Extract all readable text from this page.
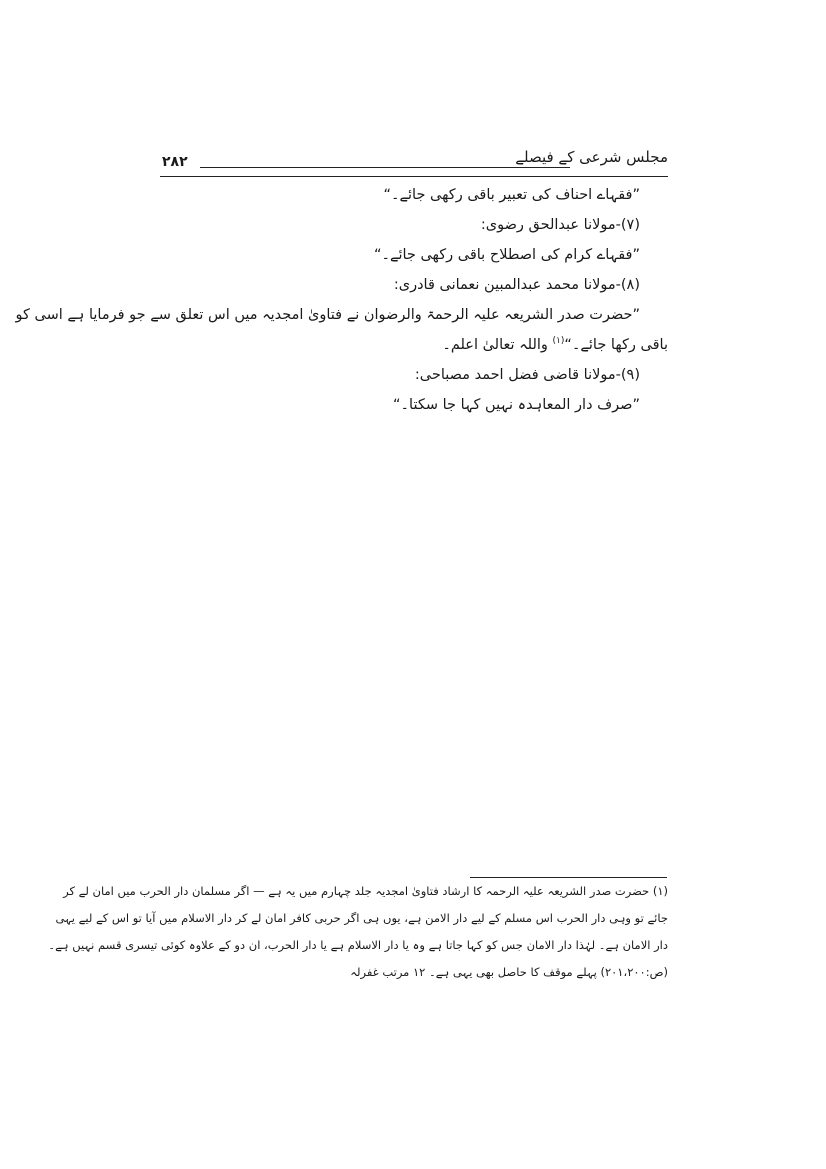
مجلس شرعی کے فیصلے
۲۸۲
”فقہاے احناف کی تعبیر باقی رکھی جائے۔“
(۷)-مولانا عبدالحق رضوی:
”فقہاے کرام کی اصطلاح باقی رکھی جائے۔“
(۸)-مولانا محمد عبدالمبین نعمانی قادری:
”حضرت صدر الشریعہ علیہ الرحمۃ والرضوان نے فتاویٰ امجدیہ میں اس تعلق سے جو فرمایا ہے اسی کو
باقی رکھا جائے۔“$^{(۱)}$ واللہ تعالیٰ اعلم۔
(۹)-مولانا قاضی فضل احمد مصباحی:
”صرف دار المعاہدہ نہیں کہا جا سکتا۔“
(۱) حضرت صدر الشریعہ علیہ الرحمہ کا ارشاد فتاویٰ امجدیہ جلد چہارم میں یہ ہے — اگر مسلمان دار الحرب میں امان لے کر
جائے تو وہی دار الحرب اس مسلم کے لیے دار الامن ہے، یوں ہی اگر حربی کافر امان لے کر دار الاسلام میں آیا تو اس کے لیے یہی
دار الامان ہے۔ لہٰذا دار الامان جس کو کہا جاتا ہے وہ یا دار الاسلام ہے یا دار الحرب، ان دو کے علاوہ کوئی تیسری قسم نہیں ہے۔
(ص:۲۰۱،۲۰۰) پہلے موقف کا حاصل بھی یہی ہے۔ ۱۲ مرتب غفرلہ
